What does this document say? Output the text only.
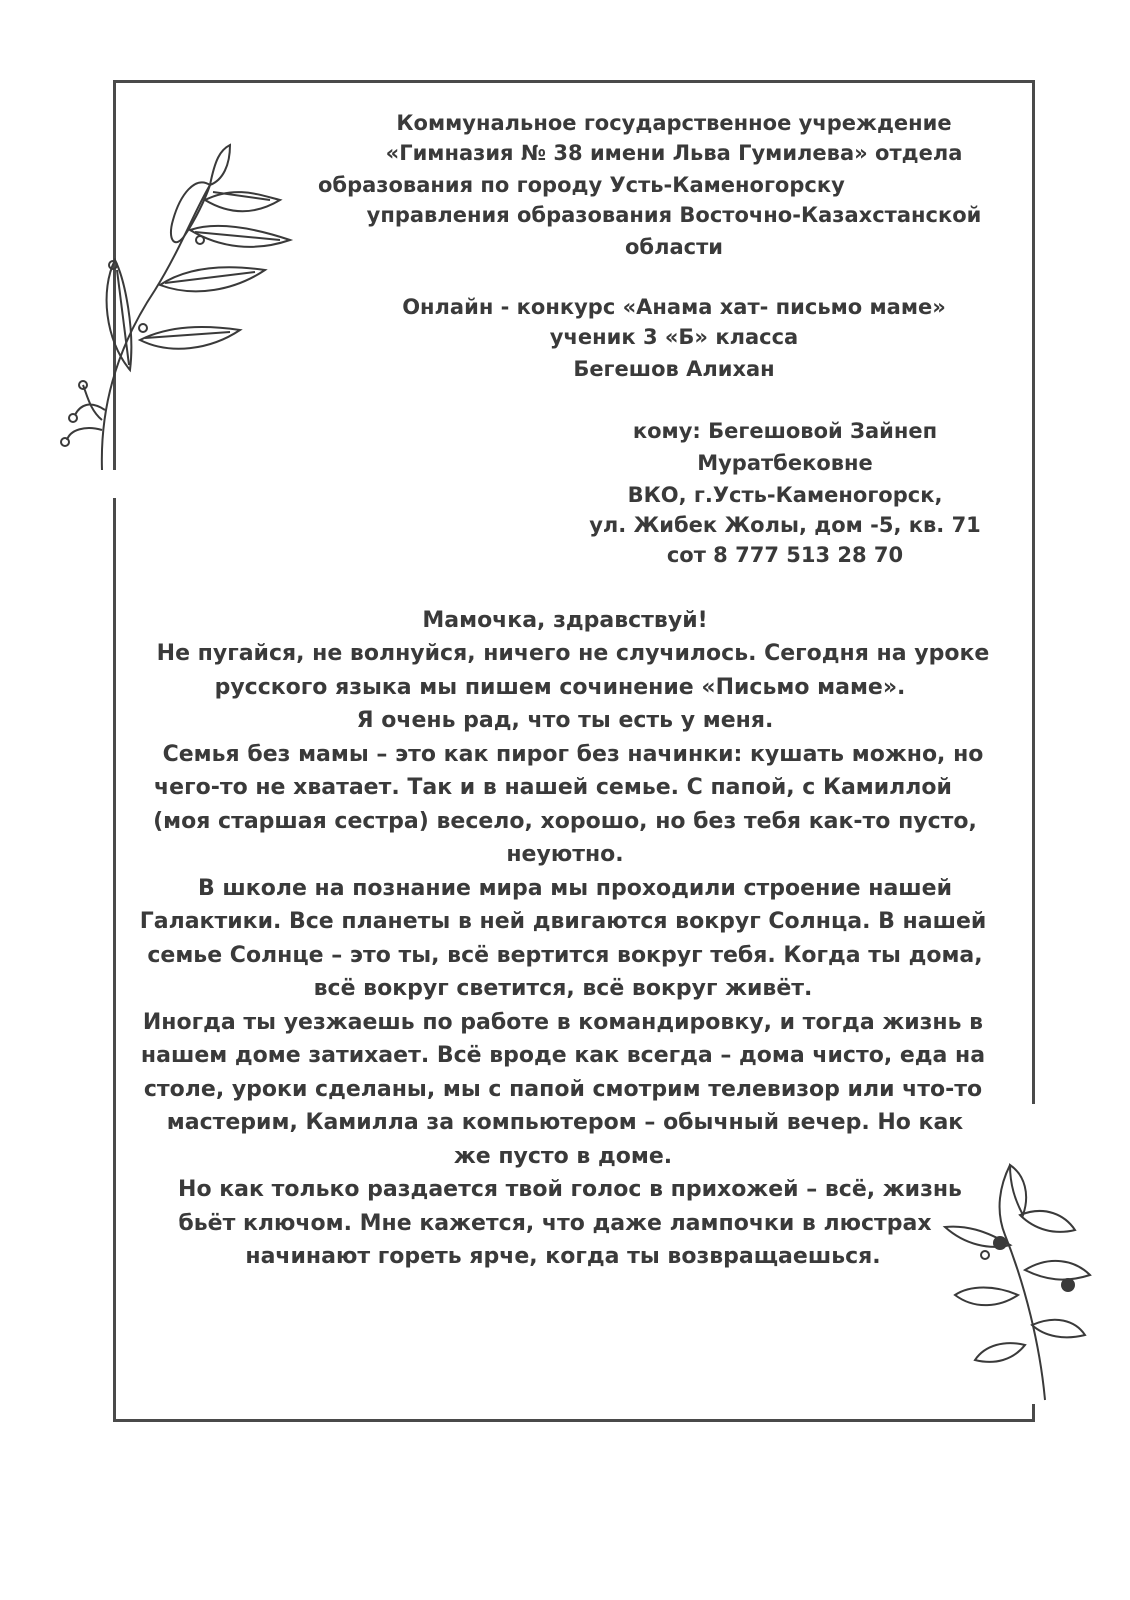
Коммунальное государственное учреждение

«Гимназия № 38 имени Льва Гумилева» отдела

образования по городу Усть-Каменогорску

управления образования Восточно-Казахстанской

области

Онлайн - конкурс «Анама хат- письмо маме»

ученик 3 «Б» класса

Бегешов Алихан

кому: Бегешовой Зайнеп

Муратбековне

ВКО, г.Усть-Каменогорск,

ул. Жибек Жолы, дом -5, кв. 71

сот 8 777 513 28 70

Мамочка, здравствуй!

Не пугайся, не волнуйся, ничего не случилось. Сегодня на уроке

русского языка мы пишем сочинение «Письмо маме».

Я очень рад, что ты есть у меня.

Семья без мамы – это как пирог без начинки: кушать можно, но

чего-то не хватает. Так и в нашей семье. С папой, с Камиллой

(моя старшая сестра) весело, хорошо, но без тебя как-то пусто,

неуютно.

В школе на познание мира мы проходили строение нашей

Галактики. Все планеты в ней двигаются вокруг Солнца. В нашей

семье Солнце – это ты, всё вертится вокруг тебя. Когда ты дома,

всё вокруг светится, всё вокруг живёт.

Иногда ты уезжаешь по работе в командировку, и тогда жизнь в

нашем доме затихает. Всё вроде как всегда – дома чисто, еда на

столе, уроки сделаны, мы с папой смотрим телевизор или что-то

мастерим, Камилла за компьютером – обычный вечер. Но как

же пусто в доме.

Но как только раздается твой голос в прихожей – всё, жизнь

бьёт ключом. Мне кажется, что даже лампочки в люстрах

начинают гореть ярче, когда ты возвращаешься.
